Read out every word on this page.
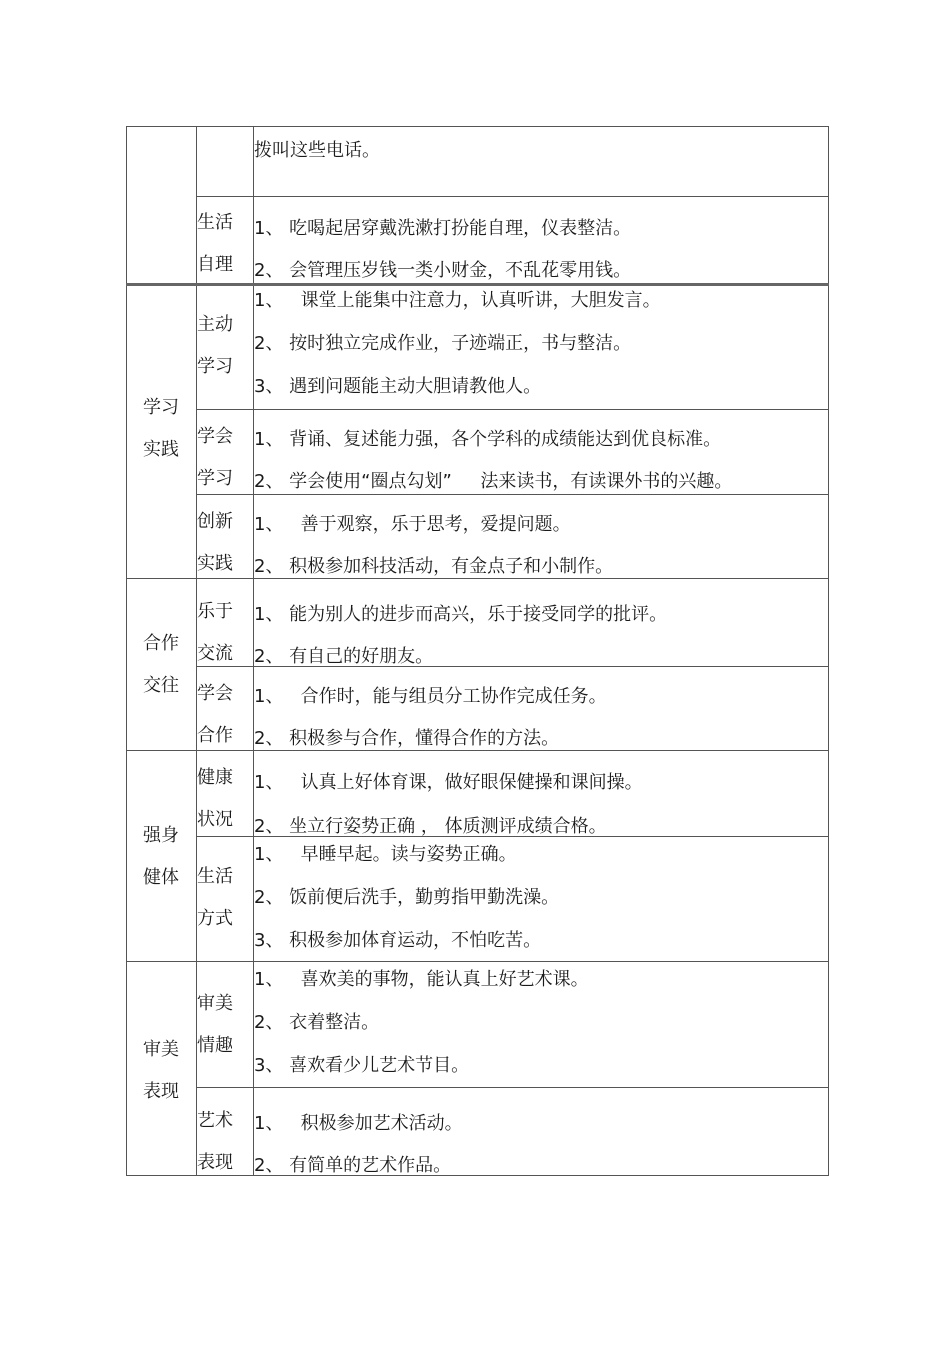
拨叫这些电话。

生活
自理

1、 吃喝起居穿戴洗漱打扮能自理，仪表整洁。

2、 会管理压岁钱一类小财金，不乱花零用钱。

学习
实践
主动
学习

1、   课堂上能集中注意力，认真听讲，大胆发言。

2、 按时独立完成作业，子迹端正，书与整洁。

3、 遇到问题能主动大胆请教他人。

学会
学习

1、 背诵、复述能力强，各个学科的成绩能达到优良标准。

2、 学会使用“圈点勾划”     法来读书，有读课外书的兴趣。

创新
实践

1、   善于观察，乐于思考，爱提问题。

2、 积极参加科技活动，有金点子和小制作。

合作
交往
乐于
交流

1、 能为别人的进步而高兴，乐于接受同学的批评。

2、 有自己的好朋友。

学会
合作

1、   合作时，能与组员分工协作完成任务。

2、 积极参与合作，懂得合作的方法。

强身
健体
健康
状况

1、   认真上好体育课，做好眼保健操和课间操。

2、 坐立行姿势正确 ， 体质测评成绩合格。

生活
方式

1、   早睡早起。读与姿势正确。

2、 饭前便后洗手，勤剪指甲勤洗澡。

3、 积极参加体育运动，不怕吃苦。

审美
表现
审美
情趣

1、   喜欢美的事物，能认真上好艺术课。

2、 衣着整洁。

3、 喜欢看少儿艺术节目。

艺术
表现

1、   积极参加艺术活动。

2、 有简单的艺术作品。
